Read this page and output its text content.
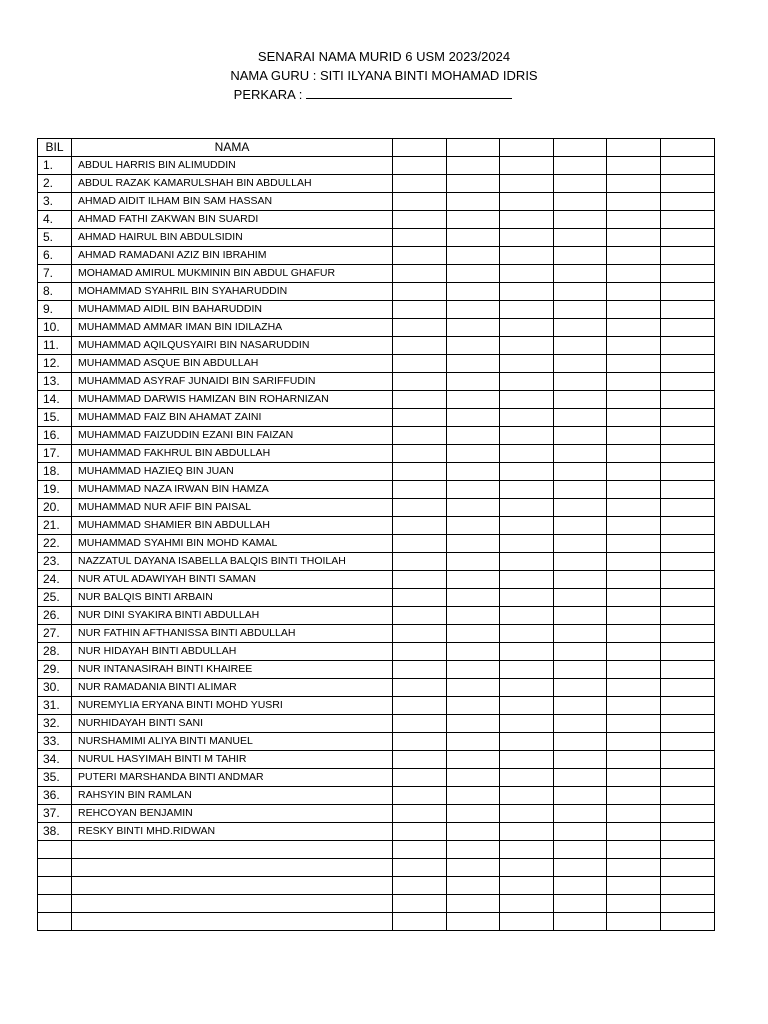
SENARAI NAMA MURID 6 USM 2023/2024
NAMA GURU : SITI ILYANA BINTI MOHAMAD IDRIS
PERKARA :
BIL	NAMA						
1.	ABDUL HARRIS BIN ALIMUDDIN						
2.	ABDUL RAZAK KAMARULSHAH BIN ABDULLAH						
3.	AHMAD AIDIT ILHAM BIN SAM HASSAN						
4.	AHMAD FATHI ZAKWAN BIN SUARDI						
5.	AHMAD HAIRUL BIN ABDULSIDIN						
6.	AHMAD RAMADANI AZIZ BIN IBRAHIM						
7.	MOHAMAD AMIRUL MUKMININ BIN ABDUL GHAFUR						
8.	MOHAMMAD SYAHRIL BIN SYAHARUDDIN						
9.	MUHAMMAD AIDIL BIN BAHARUDDIN						
10.	MUHAMMAD AMMAR IMAN BIN IDILAZHA						
11.	MUHAMMAD AQILQUSYAIRI BIN NASARUDDIN						
12.	MUHAMMAD ASQUE BIN ABDULLAH						
13.	MUHAMMAD ASYRAF JUNAIDI BIN SARIFFUDIN						
14.	MUHAMMAD DARWIS HAMIZAN BIN ROHARNIZAN						
15.	MUHAMMAD FAIZ BIN AHAMAT ZAINI						
16.	MUHAMMAD FAIZUDDIN EZANI BIN FAIZAN						
17.	MUHAMMAD FAKHRUL BIN ABDULLAH						
18.	MUHAMMAD HAZIEQ BIN JUAN						
19.	MUHAMMAD NAZA IRWAN BIN HAMZA						
20.	MUHAMMAD NUR AFIF BIN PAISAL						
21.	MUHAMMAD SHAMIER BIN ABDULLAH						
22.	MUHAMMAD SYAHMI BIN MOHD KAMAL						
23.	NAZZATUL DAYANA ISABELLA BALQIS BINTI THOILAH						
24.	NUR ATUL ADAWIYAH BINTI SAMAN						
25.	NUR BALQIS BINTI ARBAIN						
26.	NUR DINI SYAKIRA BINTI ABDULLAH						
27.	NUR FATHIN AFTHANISSA BINTI ABDULLAH						
28.	NUR HIDAYAH BINTI ABDULLAH						
29.	NUR INTANASIRAH BINTI KHAIREE						
30.	NUR RAMADANIA BINTI ALIMAR						
31.	NUREMYLIA ERYANA BINTI MOHD YUSRI						
32.	NURHIDAYAH BINTI SANI						
33.	NURSHAMIMI ALIYA BINTI MANUEL						
34.	NURUL HASYIMAH BINTI M TAHIR						
35.	PUTERI MARSHANDA BINTI ANDMAR						
36.	RAHSYIN BIN RAMLAN						
37.	REHCOYAN BENJAMIN						
38.	RESKY BINTI MHD.RIDWAN						
